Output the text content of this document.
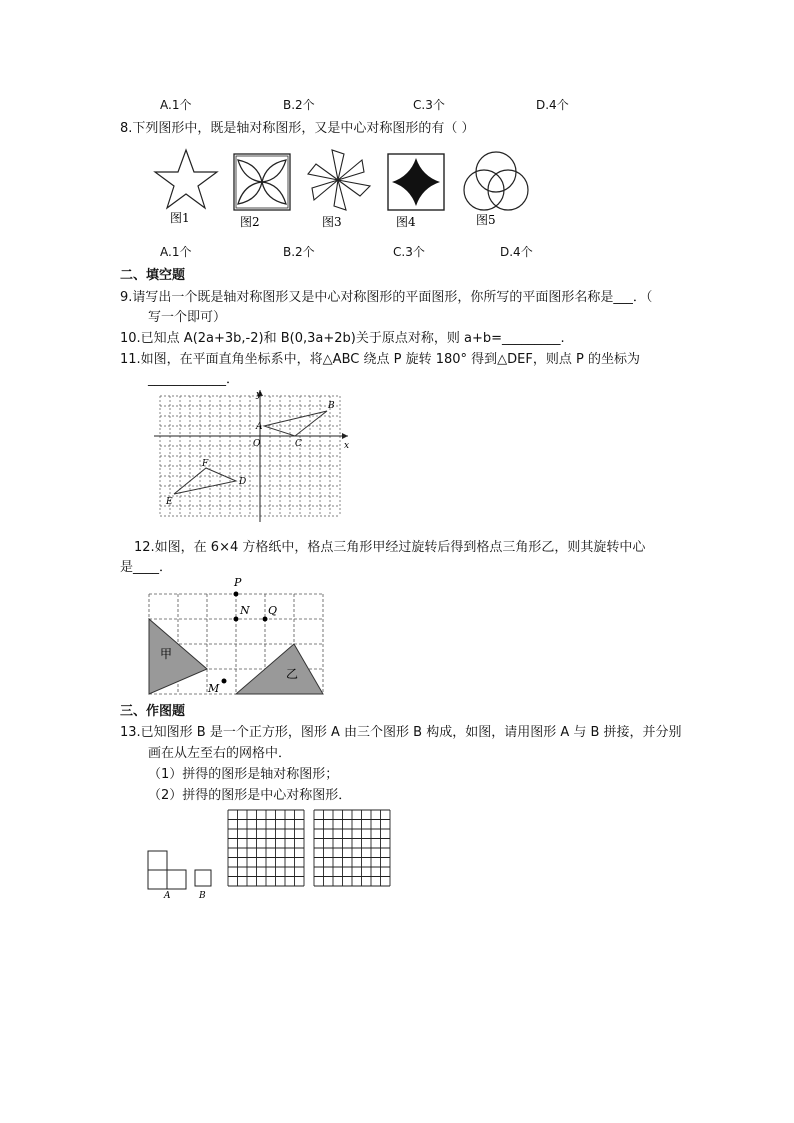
A.1个	B.2个	C.3个	D.4个
8.下列图形中，既是轴对称图形，又是中心对称图形的有（ ）
图1	图2	图3	图4	图5
A.1个	B.2个	C.3个	D.4个
二、填空题
9.请写出一个既是轴对称图形又是中心对称图形的平面图形，你所写的平面图形名称是___．（
写一个即可）
10.已知点 A(2a+3b,-2)和 B(0,3a+2b)关于原点对称，则 a+b=_________.
11.如图，在平面直角坐标系中，将△ABC 绕点 P 旋转 180° 得到△DEF，则点 P 的坐标为
____________．
y
x
O
A
B
C
F
D
E
12.如图，在 6×4 方格纸中，格点三角形甲经过旋转后得到格点三角形乙，则其旋转中心
是____．
甲
乙
P
N Q
M
三、作图题
13.已知图形 B 是一个正方形，图形 A 由三个图形 B 构成，如图，请用图形 A 与 B 拼接，并分别
画在从左至右的网格中．
（1）拼得的图形是轴对称图形；
（2）拼得的图形是中心对称图形．
A	B
